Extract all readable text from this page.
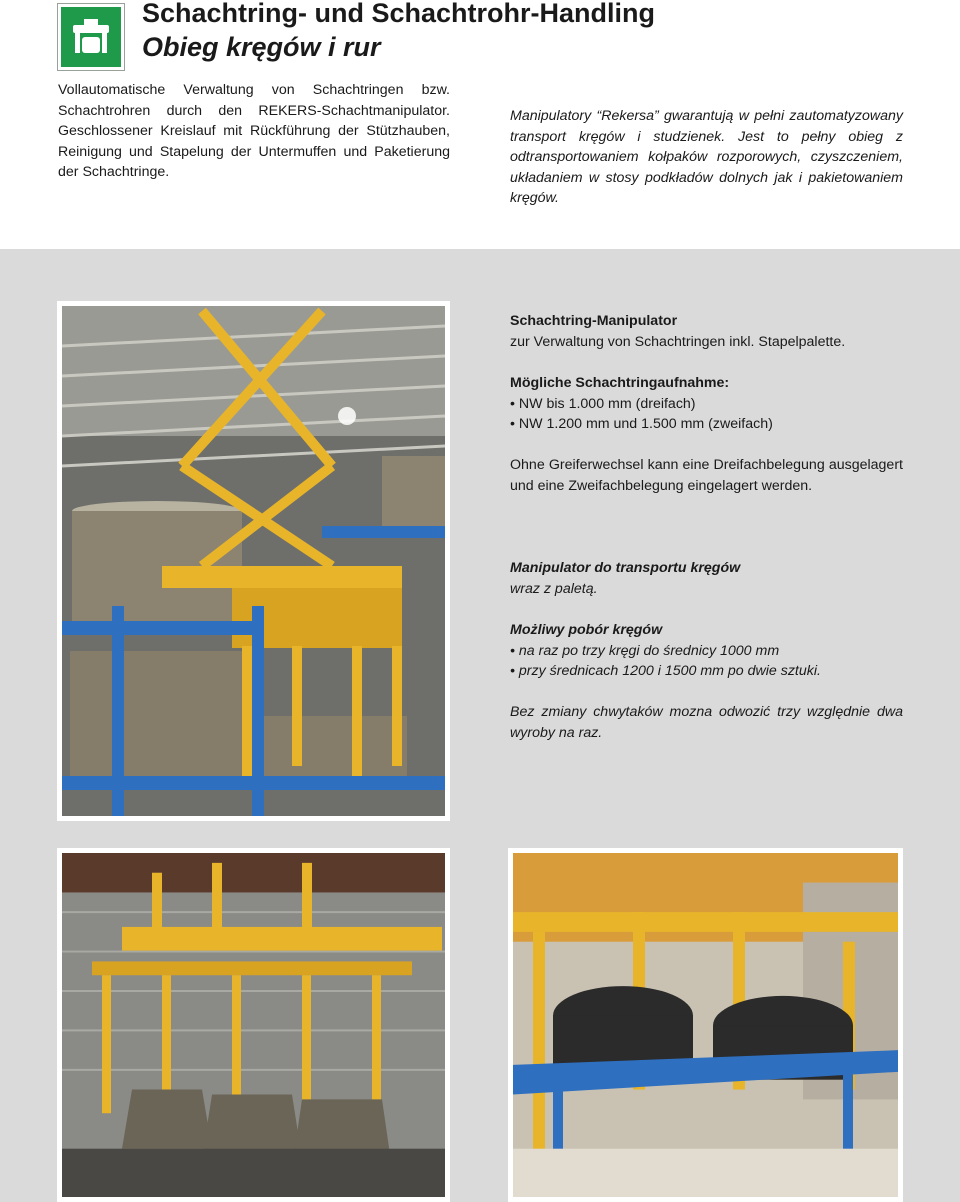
Schachtring- und Schachtrohr-Handling
Obieg kręgów i rur

Vollautomatische Verwaltung von Schachtringen bzw. Schachtrohren durch den REKERS-Schachtmanipulator. Geschlossener Kreislauf mit Rückführung der Stützhauben, Reinigung und Stapelung der Untermuffen und Paketierung der Schachtringe.

Manipulatory “Rekersa” gwarantują w pełni zautomatyzowany transport kręgów i studzienek. Jest to pełny obieg z odtransportowaniem kołpaków rozporowych, czyszczeniem, układaniem w stosy podkładów dolnych jak i pakietowaniem kręgów.

Schachtring-Manipulator
zur Verwaltung von Schachtringen inkl. Stapelpalette.
Mögliche Schachtringaufnahme:
• NW bis 1.000 mm (dreifach)
• NW 1.200 mm und 1.500 mm (zweifach)

Ohne Greiferwechsel kann eine Dreifachbelegung ausgelagert und eine Zweifachbelegung eingelagert werden.

Manipulator do transportu kręgów
wraz z paletą.
Możliwy pobór kręgów
• na raz po trzy kręgi do średnicy 1000 mm
• przy średnicach 1200 i 1500 mm po dwie sztuki.

Bez zmiany chwytaków mozna odwozić trzy względnie dwa wyroby na raz.
